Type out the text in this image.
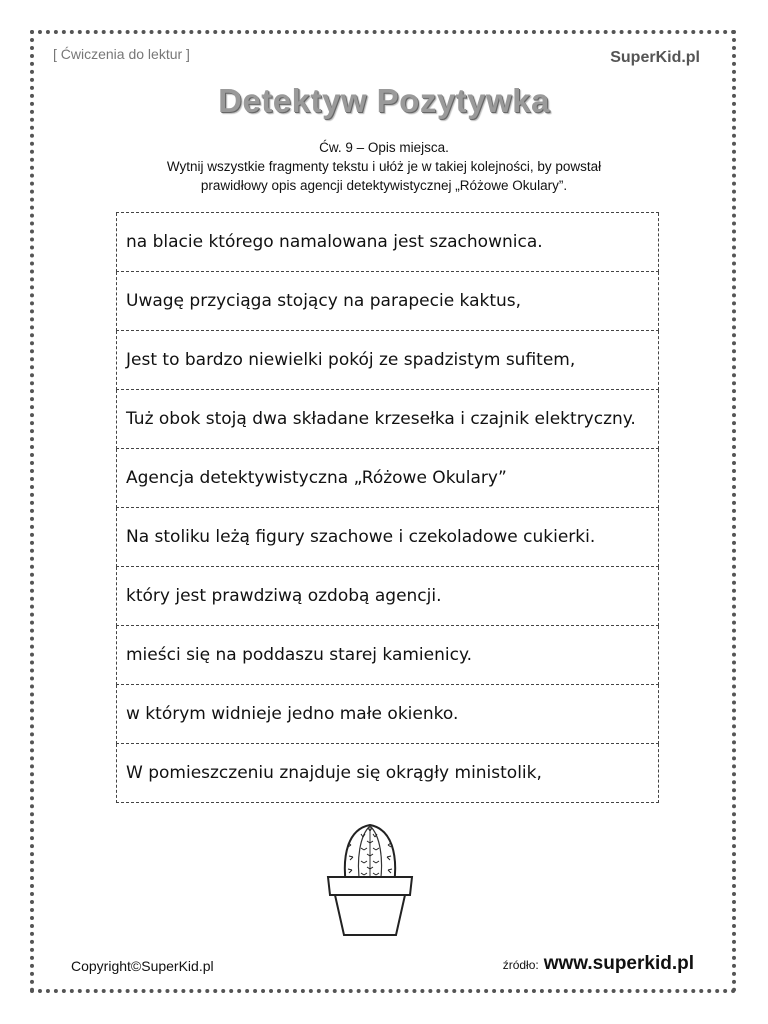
[ Ćwiczenia do lektur ]	SuperKid.pl
Detektyw Pozytywka
Ćw. 9 – Opis miejsca.
Wytnij wszystkie fragmenty tekstu i ułóż je w takiej kolejności, by powstał
prawidłowy opis agencji detektywistycznej „Różowe Okulary”.
na blacie którego namalowana jest szachownica.
Uwagę przyciąga stojący na parapecie kaktus,
Jest to bardzo niewielki pokój ze spadzistym sufitem,
Tuż obok stoją dwa składane krzesełka i czajnik elektryczny.
Agencja detektywistyczna „Różowe Okulary”
Na stoliku leżą figury szachowe i czekoladowe cukierki.
który jest prawdziwą ozdobą agencji.
mieści się na poddaszu starej kamienicy.
w którym widnieje jedno małe okienko.
W pomieszczeniu znajduje się okrągły ministolik,
Copyright©SuperKid.pl	źródło: www.superkid.pl
